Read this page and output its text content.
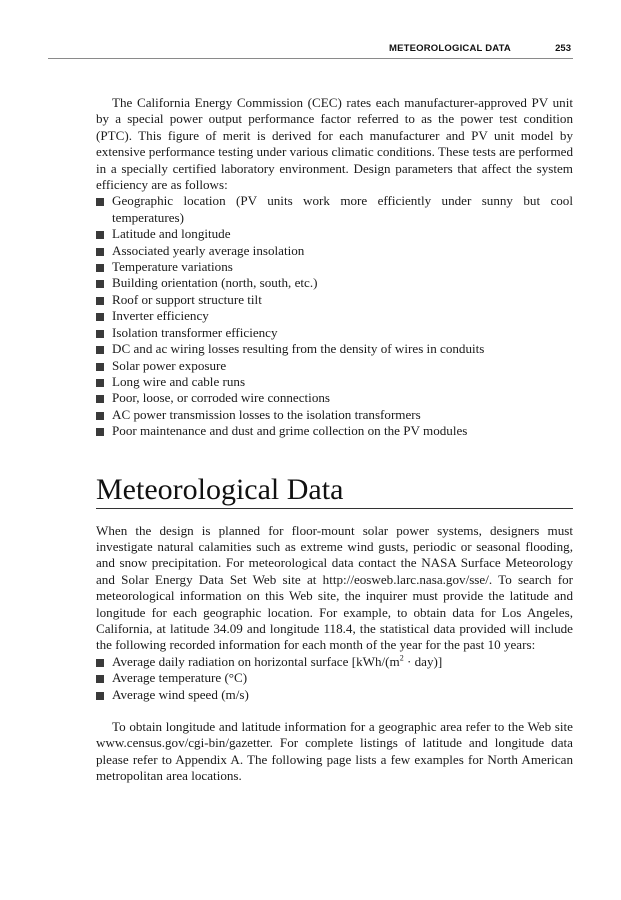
METEOROLOGICAL DATA	253

The California Energy Commission (CEC) rates each manufacturer-approved PV unit by a special power output performance factor referred to as the power test condition (PTC). This figure of merit is derived for each manufacturer and PV unit model by extensive performance testing under various climatic conditions. These tests are performed in a specially certified laboratory environment. Design parameters that affect the system efficiency are as follows:

Geographic location (PV units work more efficiently under sunny but cool temperatures)
Latitude and longitude
Associated yearly average insolation
Temperature variations
Building orientation (north, south, etc.)
Roof or support structure tilt
Inverter efficiency
Isolation transformer efficiency
DC and ac wiring losses resulting from the density of wires in conduits
Solar power exposure
Long wire and cable runs
Poor, loose, or corroded wire connections
AC power transmission losses to the isolation transformers
Poor maintenance and dust and grime collection on the PV modules
Meteorological Data

When the design is planned for floor-mount solar power systems, designers must investigate natural calamities such as extreme wind gusts, periodic or seasonal flooding, and snow precipitation. For meteorological data contact the NASA Surface Meteorology and Solar Energy Data Set Web site at http://eosweb.larc.nasa.gov/sse/. To search for meteorological information on this Web site, the inquirer must provide the latitude and longitude for each geographic location. For example, to obtain data for Los Angeles, California, at latitude 34.09 and longitude 118.4, the statistical data provided will include the following recorded information for each month of the year for the past 10 years:

Average daily radiation on horizontal surface $[kWh/(m^2 \cdot day)]$
Average temperature (°C)
Average wind speed (m/s)

To obtain longitude and latitude information for a geographic area refer to the Web site www.census.gov/cgi-bin/gazetter. For complete listings of latitude and longitude data please refer to Appendix A. The following page lists a few examples for North American metropolitan area locations.
